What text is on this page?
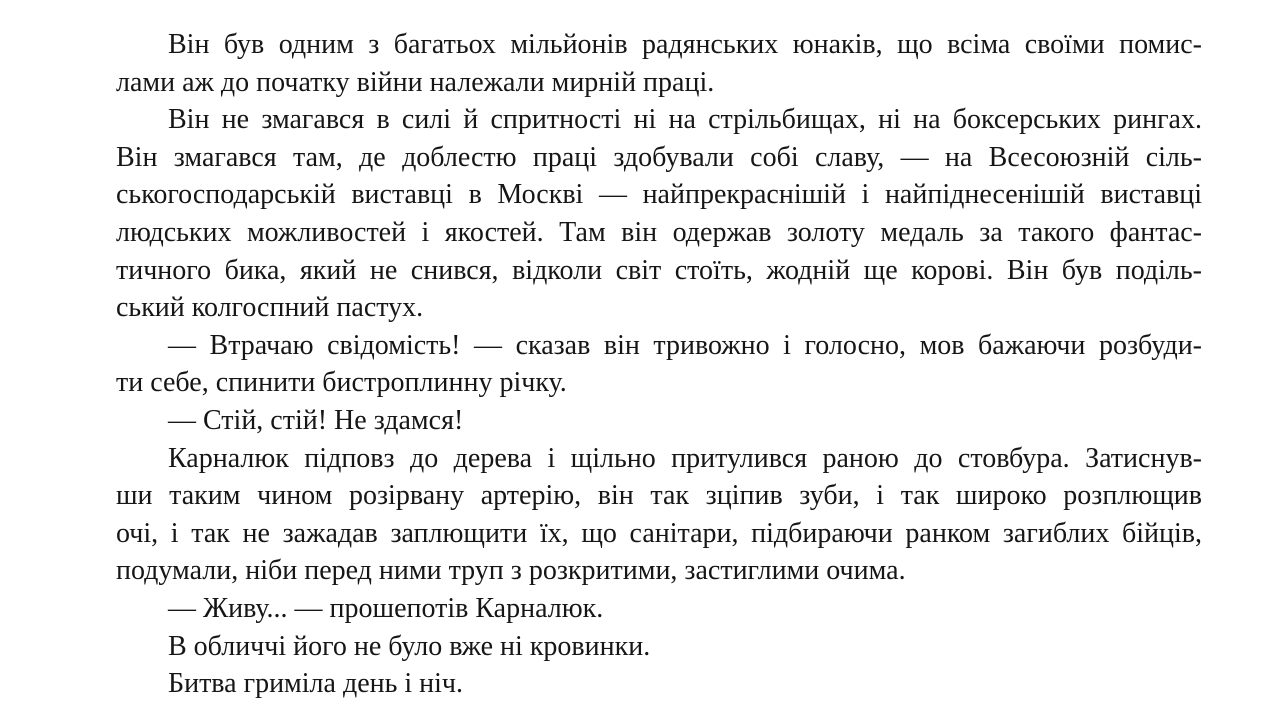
Він був одним з багатьох мільйонів радянських юнаків, що всіма своїми помис-
лами аж до початку війни належали мирній праці.
Він не змагався в силі й спритності ні на стрільбищах, ні на боксерських рингах.
Він змагався там, де доблестю праці здобували собі славу, — на Всесоюзній сіль-
ськогосподарській виставці в Москві — найпрекраснішій і найпіднесенішій виставці
людських можливостей і якостей. Там він одержав золоту медаль за такого фантас-
тичного бика, який не снився, відколи світ стоїть, жодній ще корові. Він був поділь-
ський колгоспний пастух.
— Втрачаю свідомість! — сказав він тривожно і голосно, мов бажаючи розбуди-
ти себе, спинити бистроплинну річку.
— Стій, стій! Не здамся!
Карналюк підповз до дерева і щільно притулився раною до стовбура. Затиснув-
ши таким чином розірвану артерію, він так зціпив зуби, і так широко розплющив
очі, і так не зажадав заплющити їх, що санітари, підбираючи ранком загиблих бійців,
подумали, ніби перед ними труп з розкритими, застиглими очима.
— Живу... — прошепотів Карналюк.
В обличчі його не було вже ні кровинки.
Битва гриміла день і ніч.
